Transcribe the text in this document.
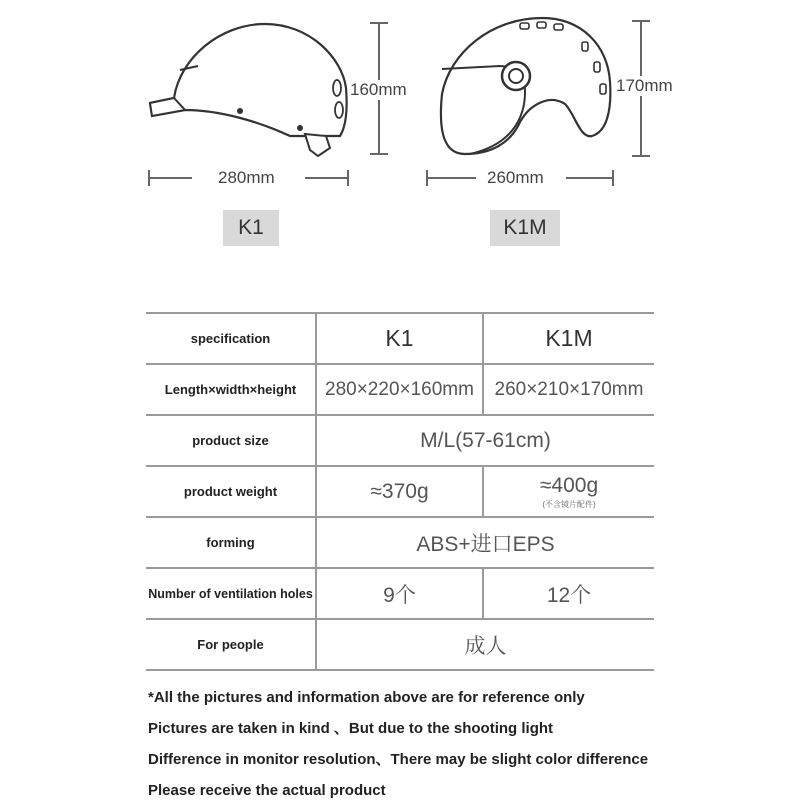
160mm
280mm
K1
170mm
260mm
K1M
specification	K1	K1M
Length×width×height	280×220×160mm	260×210×170mm
product size	M/L(57-61cm)	
product weight	≈370g	≈400g
(不含镜片配件)

forming	ABS+进口EPS	
Number of ventilation holes	9个	12个
For people	成人	
*All the pictures and information above are for reference only
Pictures are taken in kind 、But due to the shooting light
Difference in monitor resolution、There may be slight color difference
Please receive the actual product
